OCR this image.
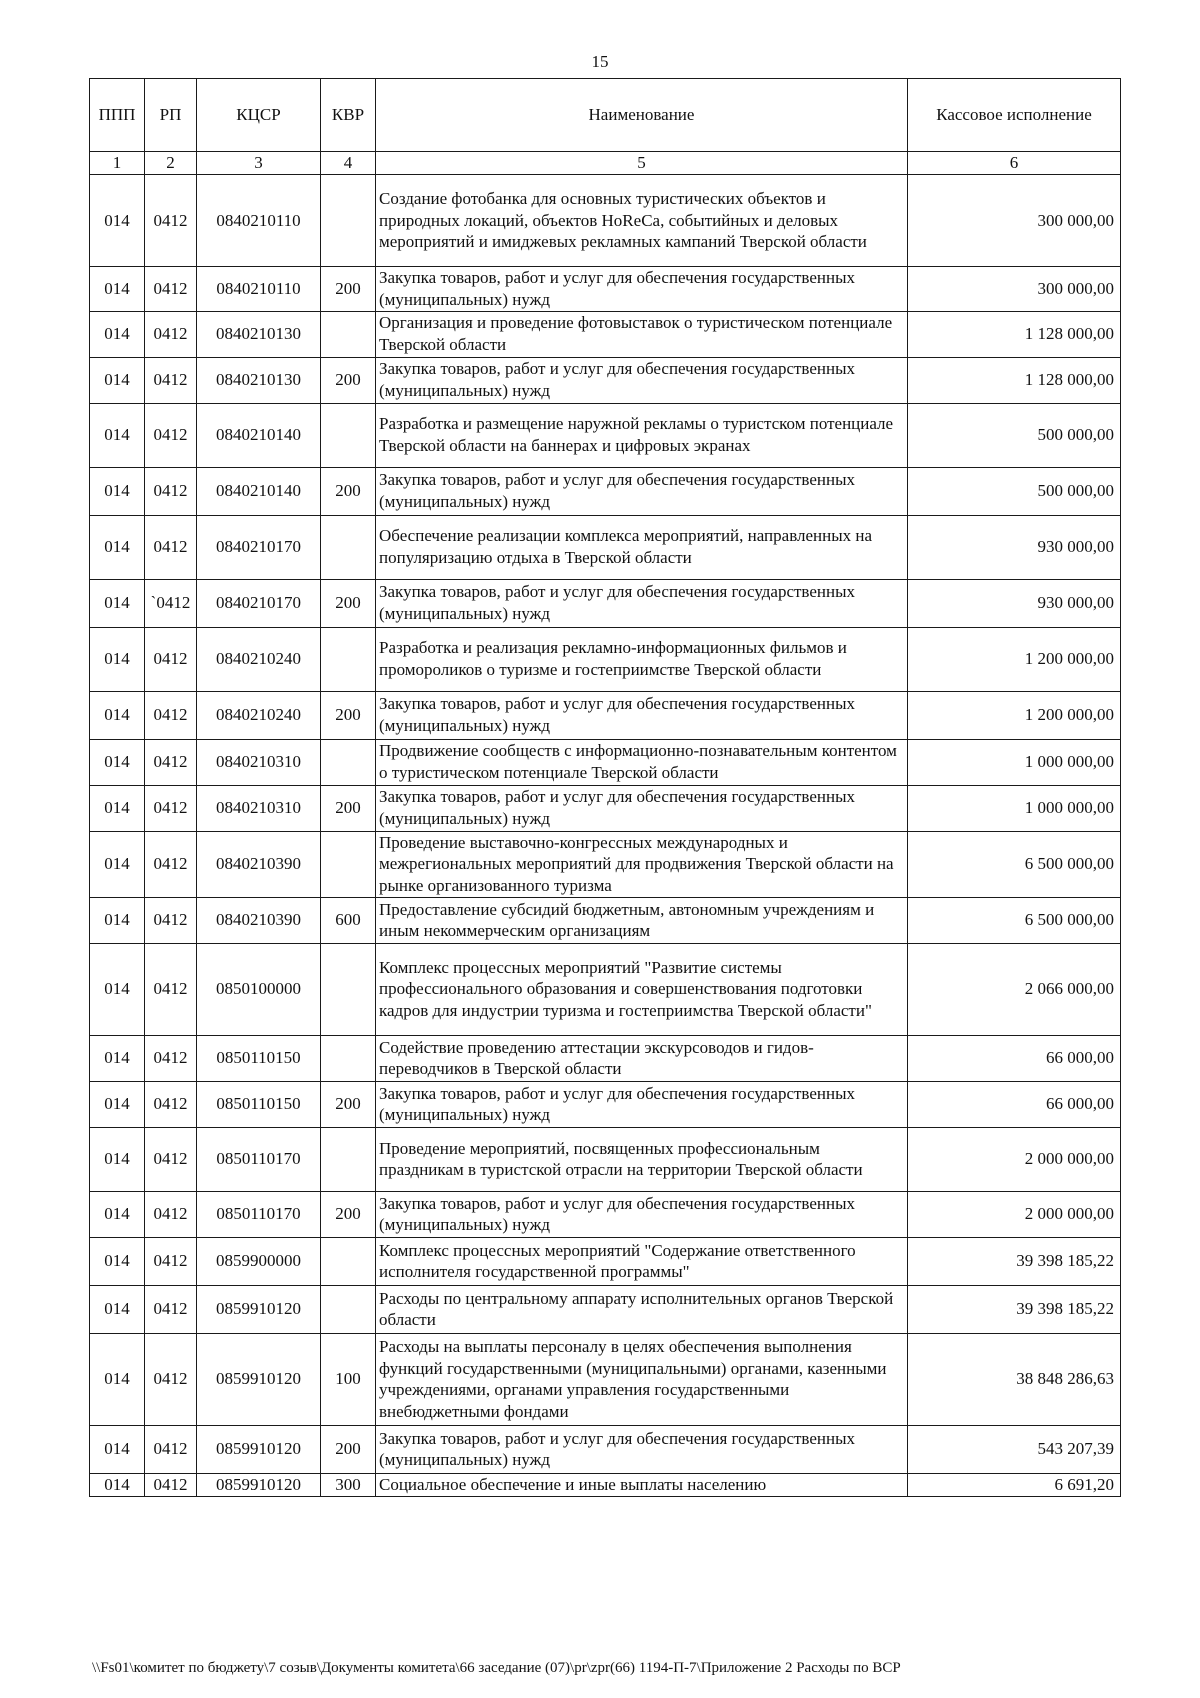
15
ППП	РП	КЦСР	КВР	Наименование	Кассовое исполнение
1	2	3	4	5	6
014	0412	0840210110		Создание фотобанка для основных туристических объектов и природных локаций, объектов HoReCa, событийных и деловых мероприятий и имиджевых рекламных кампаний Тверской области	300 000,00
014	0412	0840210110	200	Закупка товаров, работ и услуг для обеспечения государственных (муниципальных) нужд	300 000,00
014	0412	0840210130		Организация и проведение фотовыставок о туристическом потенциале Тверской области	1 128 000,00
014	0412	0840210130	200	Закупка товаров, работ и услуг для обеспечения государственных (муниципальных) нужд	1 128 000,00
014	0412	0840210140		Разработка и размещение наружной рекламы о туристском потенциале Тверской области на баннерах и цифровых экранах	500 000,00
014	0412	0840210140	200	Закупка товаров, работ и услуг для обеспечения государственных (муниципальных) нужд	500 000,00
014	0412	0840210170		Обеспечение реализации комплекса мероприятий, направленных на популяризацию отдыха в Тверской области	930 000,00
014	`0412	0840210170	200	Закупка товаров, работ и услуг для обеспечения государственных (муниципальных) нужд	930 000,00
014	0412	0840210240		Разработка и реализация рекламно-информационных фильмов и промороликов о туризме и гостеприимстве Тверской области	1 200 000,00
014	0412	0840210240	200	Закупка товаров, работ и услуг для обеспечения государственных (муниципальных) нужд	1 200 000,00
014	0412	0840210310		Продвижение сообществ с информационно-познавательным контентом о туристическом потенциале Тверской области	1 000 000,00
014	0412	0840210310	200	Закупка товаров, работ и услуг для обеспечения государственных (муниципальных) нужд	1 000 000,00
014	0412	0840210390		Проведение выставочно-конгрессных международных и межрегиональных мероприятий для продвижения Тверской области на рынке организованного туризма	6 500 000,00
014	0412	0840210390	600	Предоставление субсидий бюджетным, автономным учреждениям и иным некоммерческим организациям	6 500 000,00
014	0412	0850100000		Комплекс процессных мероприятий "Развитие системы профессионального образования и совершенствования подготовки кадров для индустрии туризма и гостеприимства Тверской области"	2 066 000,00
014	0412	0850110150		Содействие проведению аттестации экскурсоводов и гидов-переводчиков в Тверской области	66 000,00
014	0412	0850110150	200	Закупка товаров, работ и услуг для обеспечения государственных (муниципальных) нужд	66 000,00
014	0412	0850110170		Проведение мероприятий, посвященных профессиональным праздникам в туристской отрасли на территории Тверской области	2 000 000,00
014	0412	0850110170	200	Закупка товаров, работ и услуг для обеспечения государственных (муниципальных) нужд	2 000 000,00
014	0412	0859900000		Комплекс процессных мероприятий "Содержание ответственного исполнителя государственной программы"	39 398 185,22
014	0412	0859910120		Расходы по центральному аппарату исполнительных органов Тверской области	39 398 185,22
014	0412	0859910120	100	Расходы на выплаты персоналу в целях обеспечения выполнения функций государственными (муниципальными) органами, казенными учреждениями, органами управления государственными внебюджетными фондами	38 848 286,63
014	0412	0859910120	200	Закупка товаров, работ и услуг для обеспечения государственных (муниципальных) нужд	543 207,39
014	0412	0859910120	300	Социальное обеспечение и иные выплаты населению	6 691,20
\\Fs01\комитет по бюджету\7 созыв\Документы комитета\66 заседание (07)\pr\zpr(66) 1194-П-7\Приложение 2 Расходы по ВСР
